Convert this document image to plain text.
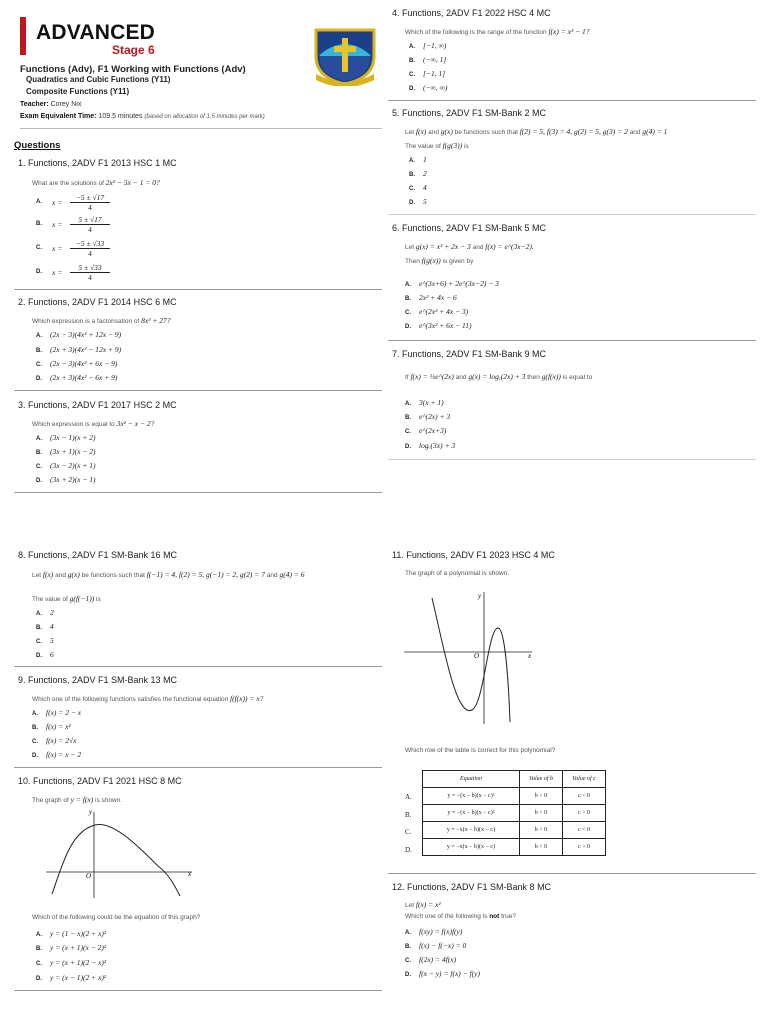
ADVANCED
Stage 6
Functions (Adv), F1 Working with Functions (Adv)
Quadratics and Cubic Functions (Y11)
Composite Functions (Y11)
Teacher: Corey Nix
Exam Equivalent Time: 109.5 minutes (based on allocation of 1.5 minutes per mark)
Questions
1. Functions, 2ADV F1 2013 HSC 1 MC
What are the solutions of 2x² − 5x − 1 = 0?
A. x =
−5 ± √17
4
B. x =
5 ± √17
4
C. x =
−5 ± √33
4
D. x =
5 ± √33
4
2. Functions, 2ADV F1 2014 HSC 6 MC
Which expression is a factorisation of 8x³ + 27?
A. (2x − 3)(4x² + 12x − 9)
B. (2x + 3)(4x² − 12x + 9)
C. (2x − 3)(4x² + 6x − 9)
D. (2x + 3)(4x² − 6x + 9)
3. Functions, 2ADV F1 2017 HSC 2 MC
Which expression is equal to 3x² − x − 2?
A. (3x − 1)(x + 2)
B. (3x + 1)(x − 2)
C. (3x − 2)(x + 1)
D. (3x + 2)(x − 1)
4. Functions, 2ADV F1 2022 HSC 4 MC
Which of the following is the range of the function f(x) = x³ − 1?
A. [−1, ∞)
B. (−∞, 1]
C. [−1, 1]
D. (−∞, ∞)
5. Functions, 2ADV F1 SM-Bank 2 MC
Let f(x) and g(x) be functions such that f(2) = 5, f(3) = 4, g(2) = 5, g(3) = 2 and g(4) = 1
The value of f(g(3)) is
A. 1
B. 2
C. 4
D. 5
6. Functions, 2ADV F1 SM-Bank 5 MC
Let g(x) = x² + 2x − 3 and f(x) = e^(3x−2).
Then f(g(x)) is given by
A. e^(3x+6) + 2e^(3x−2) − 3
B. 2x² + 4x − 6
C. e^(2x² + 4x − 3)
D. e^(3x² + 6x − 11)
7. Functions, 2ADV F1 SM-Bank 9 MC
If f(x) = ½e^(2x) and g(x) = logₑ(2x) + 3 then g(f(x)) is equal to
A. 3(x + 1)
B. e^(2x) + 3
C. e^(2x+3)
D. logₑ(3x) + 3
8. Functions, 2ADV F1 SM-Bank 16 MC
Let f(x) and g(x) be functions such that f(−1) = 4, f(2) = 5, g(−1) = 2, g(2) = 7 and g(4) = 6
The value of g(f(−1)) is
A. 2
B. 4
C. 5
D. 6
9. Functions, 2ADV F1 SM-Bank 13 MC
Which one of the following functions satisfies the functional equation f(f(x)) = x?
A. f(x) = 2 − x
B. f(x) = x²
C. f(x) = 2√x
D. f(x) = x − 2
10. Functions, 2ADV F1 2021 HSC 8 MC
The graph of y = f(x) is shown.
x
y
O
Which of the following could be the equation of this graph?
A. y = (1 − x)(2 + x)²
B. y = (x + 1)(x − 2)²
C. y = (x + 1)(2 − x)²
D. y = (x − 1)(2 + x)²
11. Functions, 2ADV F1 2023 HSC 4 MC
The graph of a polynomial is shown.
x
y
O
Which row of the table is correct for this polynomial?
A.
B.
C.
D.
Equation	Value of b	Value of c
y = −(x − b)(x − c)²	b > 0	c < 0
y = −(x − b)(x − c)²	b < 0	c > 0
y = −x(x − b)(x − c)	b > 0	c < 0
y = −x(x − b)(x − c)	b < 0	c > 0
12. Functions, 2ADV F1 SM-Bank 8 MC
Let f(x) = x²
Which one of the following is not true?
A. f(xy) = f(x)f(y)
B. f(x) − f(−x) = 0
C. f(2x) = 4f(x)
D. f(x − y) = f(x) − f(y)
